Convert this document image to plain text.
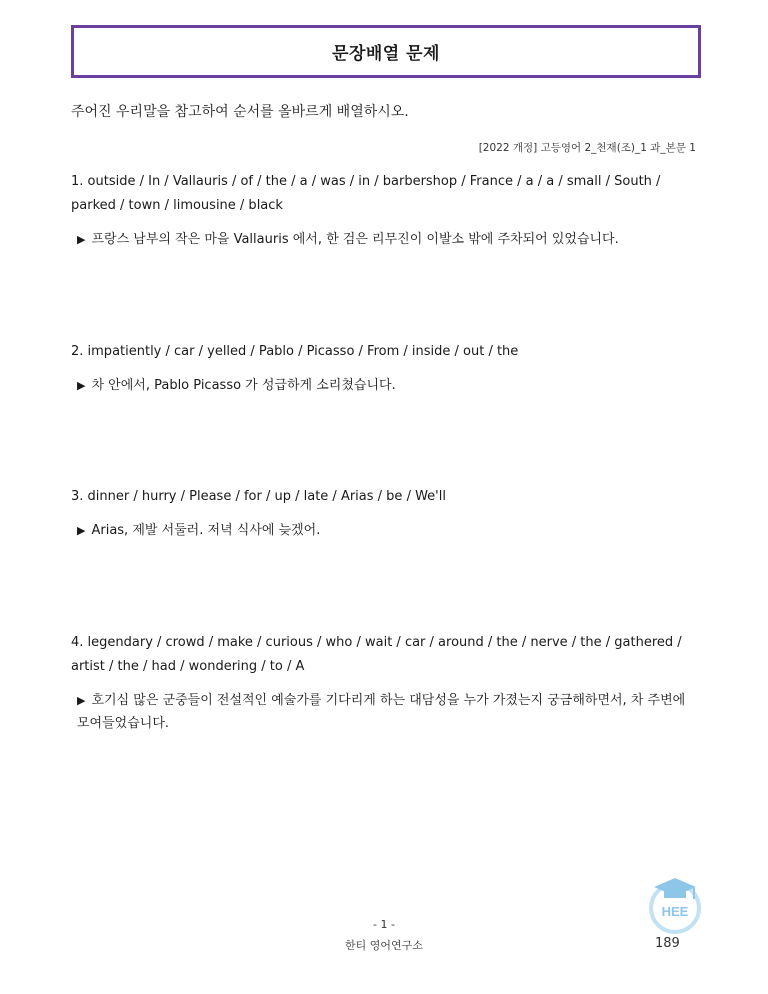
문장배열 문제
주어진 우리말을 참고하여 순서를 올바르게 배열하시오.
[2022 개정] 고등영어 2_천재(조)_1 과_본문 1

1. outside / In / Vallauris / of / the / a / was / in / barbershop / France / a / a / small / South / parked / town / limousine / black

▶ 프랑스 남부의 작은 마을 Vallauris 에서, 한 검은 리무진이 이발소 밖에 주차되어 있었습니다.

2. impatiently / car / yelled / Pablo / Picasso / From / inside / out / the

▶ 차 안에서, Pablo Picasso 가 성급하게 소리쳤습니다.

3. dinner / hurry / Please / for / up / late / Arias / be / We'll

▶ Arias, 제발 서둘러. 저녁 식사에 늦겠어.

4. legendary / crowd / make / curious / who / wait / car / around / the / nerve / the / gathered / artist / the / had / wondering / to / A

▶ 호기심 많은 군중들이 전설적인 예술가를 기다리게 하는 대담성을 누가 가졌는지 궁금해하면서, 차 주변에 모여들었습니다.
HEE
- 1 -
한티 영어연구소	189
